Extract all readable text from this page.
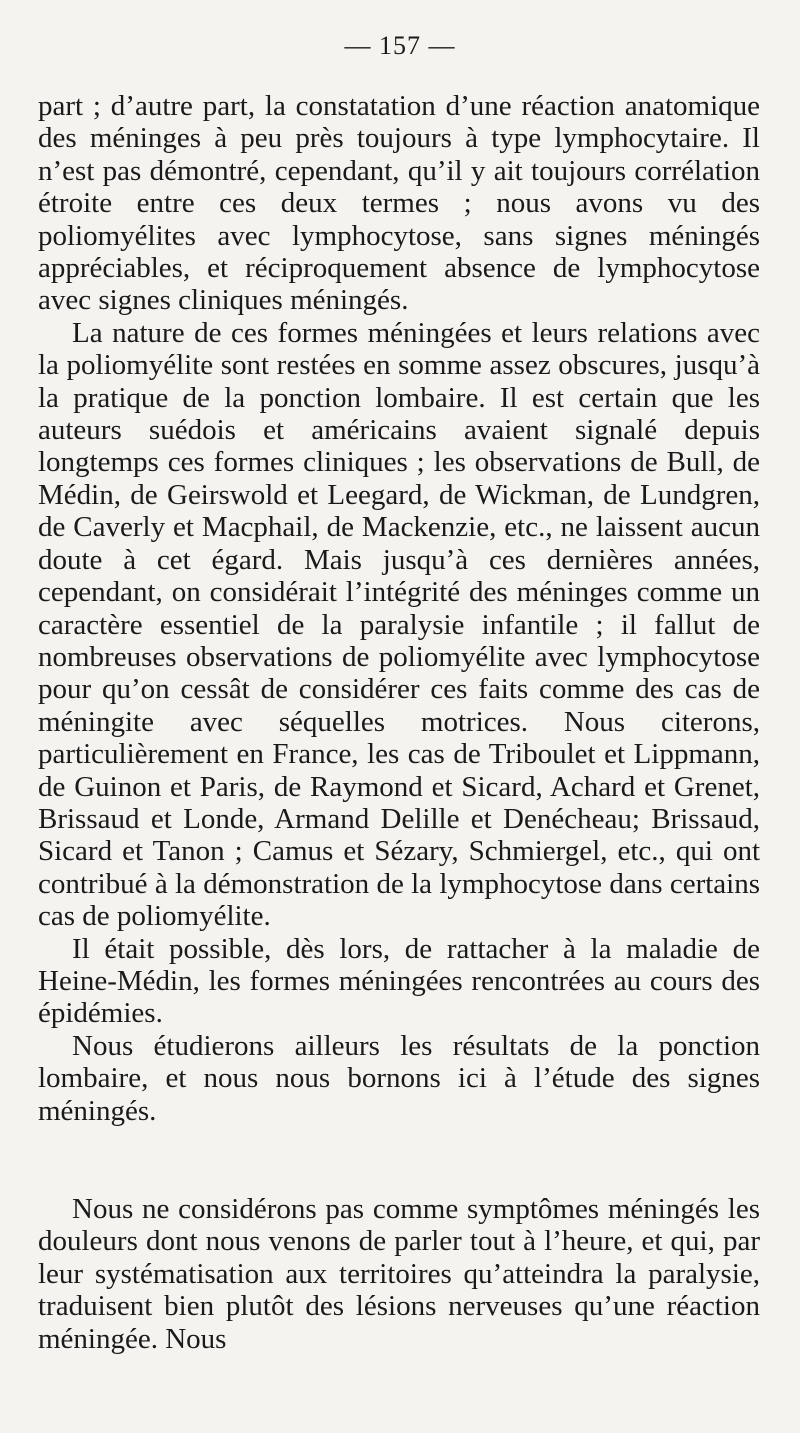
— 157 —

part ; d’autre part, la constatation d’une réaction anatomique des méninges à peu près toujours à type lymphocytaire. Il n’est pas démontré, cependant, qu’il y ait toujours corrélation étroite entre ces deux termes ; nous avons vu des poliomyélites avec lymphocytose, sans signes méningés appréciables, et réciproquement absence de lymphocytose avec signes cliniques méningés.

La nature de ces formes méningées et leurs relations avec la poliomyélite sont restées en somme assez obscures, jusqu’à la pratique de la ponction lombaire. Il est certain que les auteurs suédois et américains avaient signalé depuis longtemps ces formes cliniques ; les observations de Bull, de Médin, de Geirswold et Leegard, de Wickman, de Lundgren, de Caverly et Macphail, de Mackenzie, etc., ne laissent aucun doute à cet égard. Mais jusqu’à ces dernières années, cependant, on considérait l’intégrité des méninges comme un caractère essentiel de la paralysie infantile ; il fallut de nombreuses observations de poliomyélite avec lymphocytose pour qu’on cessât de considérer ces faits comme des cas de méningite avec séquelles motrices. Nous citerons, particulièrement en France, les cas de Triboulet et Lippmann, de Guinon et Paris, de Raymond et Sicard, Achard et Grenet, Brissaud et Londe, Armand Delille et Denécheau; Brissaud, Sicard et Tanon ; Camus et Sézary, Schmiergel, etc., qui ont contribué à la démonstration de la lymphocytose dans certains cas de poliomyélite.

Il était possible, dès lors, de rattacher à la maladie de Heine-Médin, les formes méningées rencontrées au cours des épidémies.

Nous étudierons ailleurs les résultats de la ponction lombaire, et nous nous bornons ici à l’étude des signes méningés.

Nous ne considérons pas comme symptômes méningés les douleurs dont nous venons de parler tout à l’heure, et qui, par leur systématisation aux territoires qu’atteindra la paralysie, traduisent bien plutôt des lésions nerveuses qu’une réaction méningée. Nous
